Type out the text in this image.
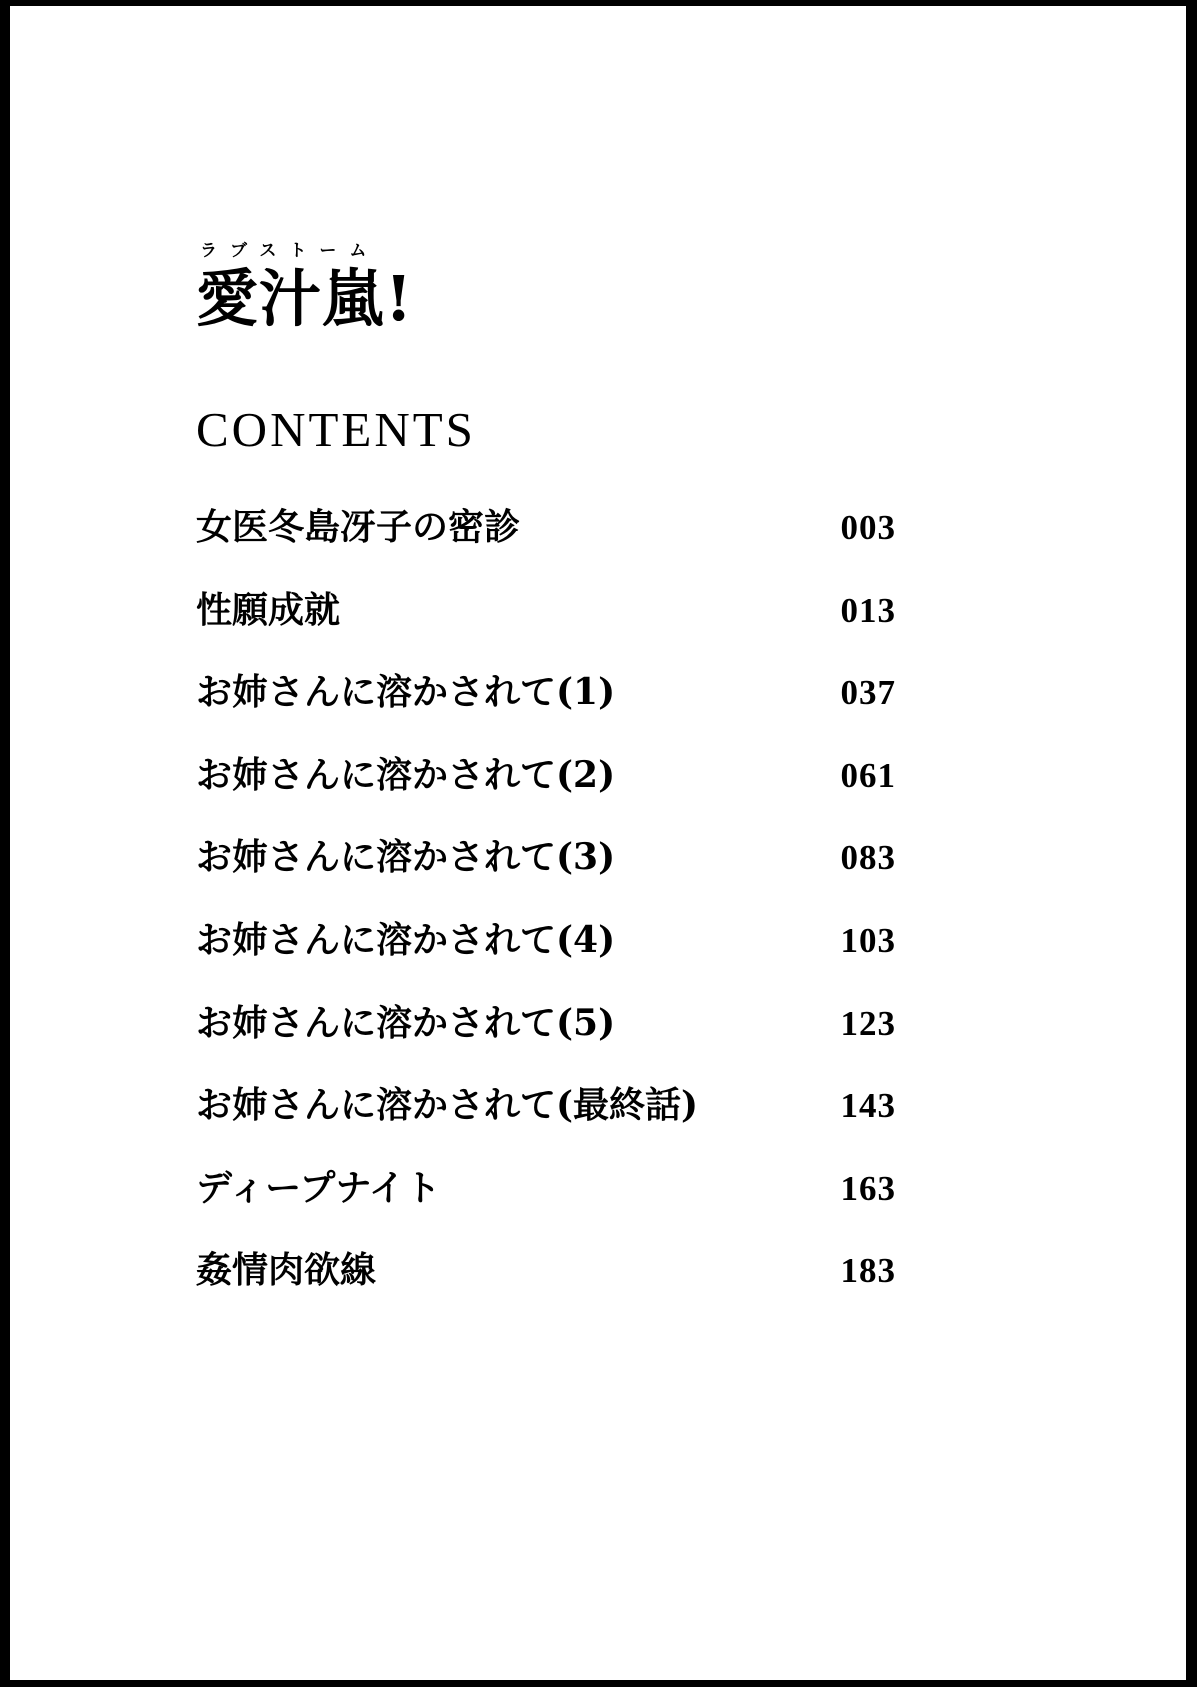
ラブストーム
愛汁嵐!
CONTENTS
女医冬島冴子の密診	003
性願成就	013
お姉さんに溶かされて(1)	037
お姉さんに溶かされて(2)	061
お姉さんに溶かされて(3)	083
お姉さんに溶かされて(4)	103
お姉さんに溶かされて(5)	123
お姉さんに溶かされて(最終話)	143
ディープナイト	163
姦情肉欲線	183
